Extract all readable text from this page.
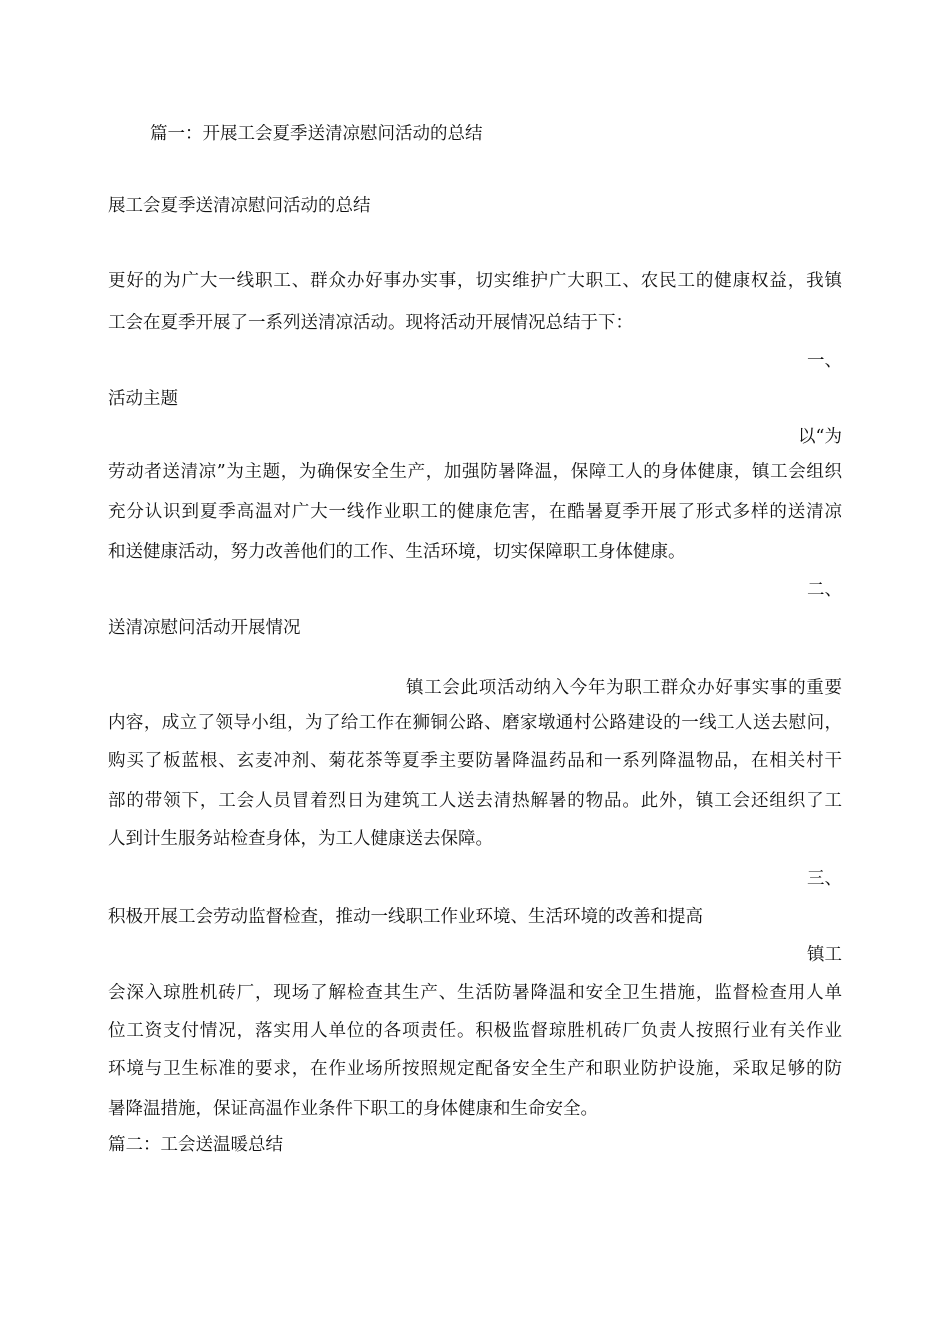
篇一：开展工会夏季送清凉慰问活动的总结
展工会夏季送清凉慰问活动的总结
更好的为广大一线职工、群众办好事办实事，切实维护广大职工、农民工的健康权益，我镇
工会在夏季开展了一系列送清凉活动。现将活动开展情况总结于下：
一、
活动主题
以“为
劳动者送清凉”为主题，为确保安全生产，加强防暑降温，保障工人的身体健康，镇工会组织
充分认识到夏季高温对广大一线作业职工的健康危害，在酷暑夏季开展了形式多样的送清凉
和送健康活动，努力改善他们的工作、生活环境，切实保障职工身体健康。
二、
送清凉慰问活动开展情况
镇工会此项活动纳入今年为职工群众办好事实事的重要
内容，成立了领导小组，为了给工作在狮铜公路、磨家墩通村公路建设的一线工人送去慰问，
购买了板蓝根、玄麦冲剂、菊花茶等夏季主要防暑降温药品和一系列降温物品，在相关村干
部的带领下，工会人员冒着烈日为建筑工人送去清热解暑的物品。此外，镇工会还组织了工
人到计生服务站检查身体，为工人健康送去保障。
三、
积极开展工会劳动监督检查，推动一线职工作业环境、生活环境的改善和提高
镇工
会深入琼胜机砖厂，现场了解检查其生产、生活防暑降温和安全卫生措施，监督检查用人单
位工资支付情况，落实用人单位的各项责任。积极监督琼胜机砖厂负责人按照行业有关作业
环境与卫生标准的要求，在作业场所按照规定配备安全生产和职业防护设施，采取足够的防
暑降温措施，保证高温作业条件下职工的身体健康和生命安全。
篇二：工会送温暖总结
